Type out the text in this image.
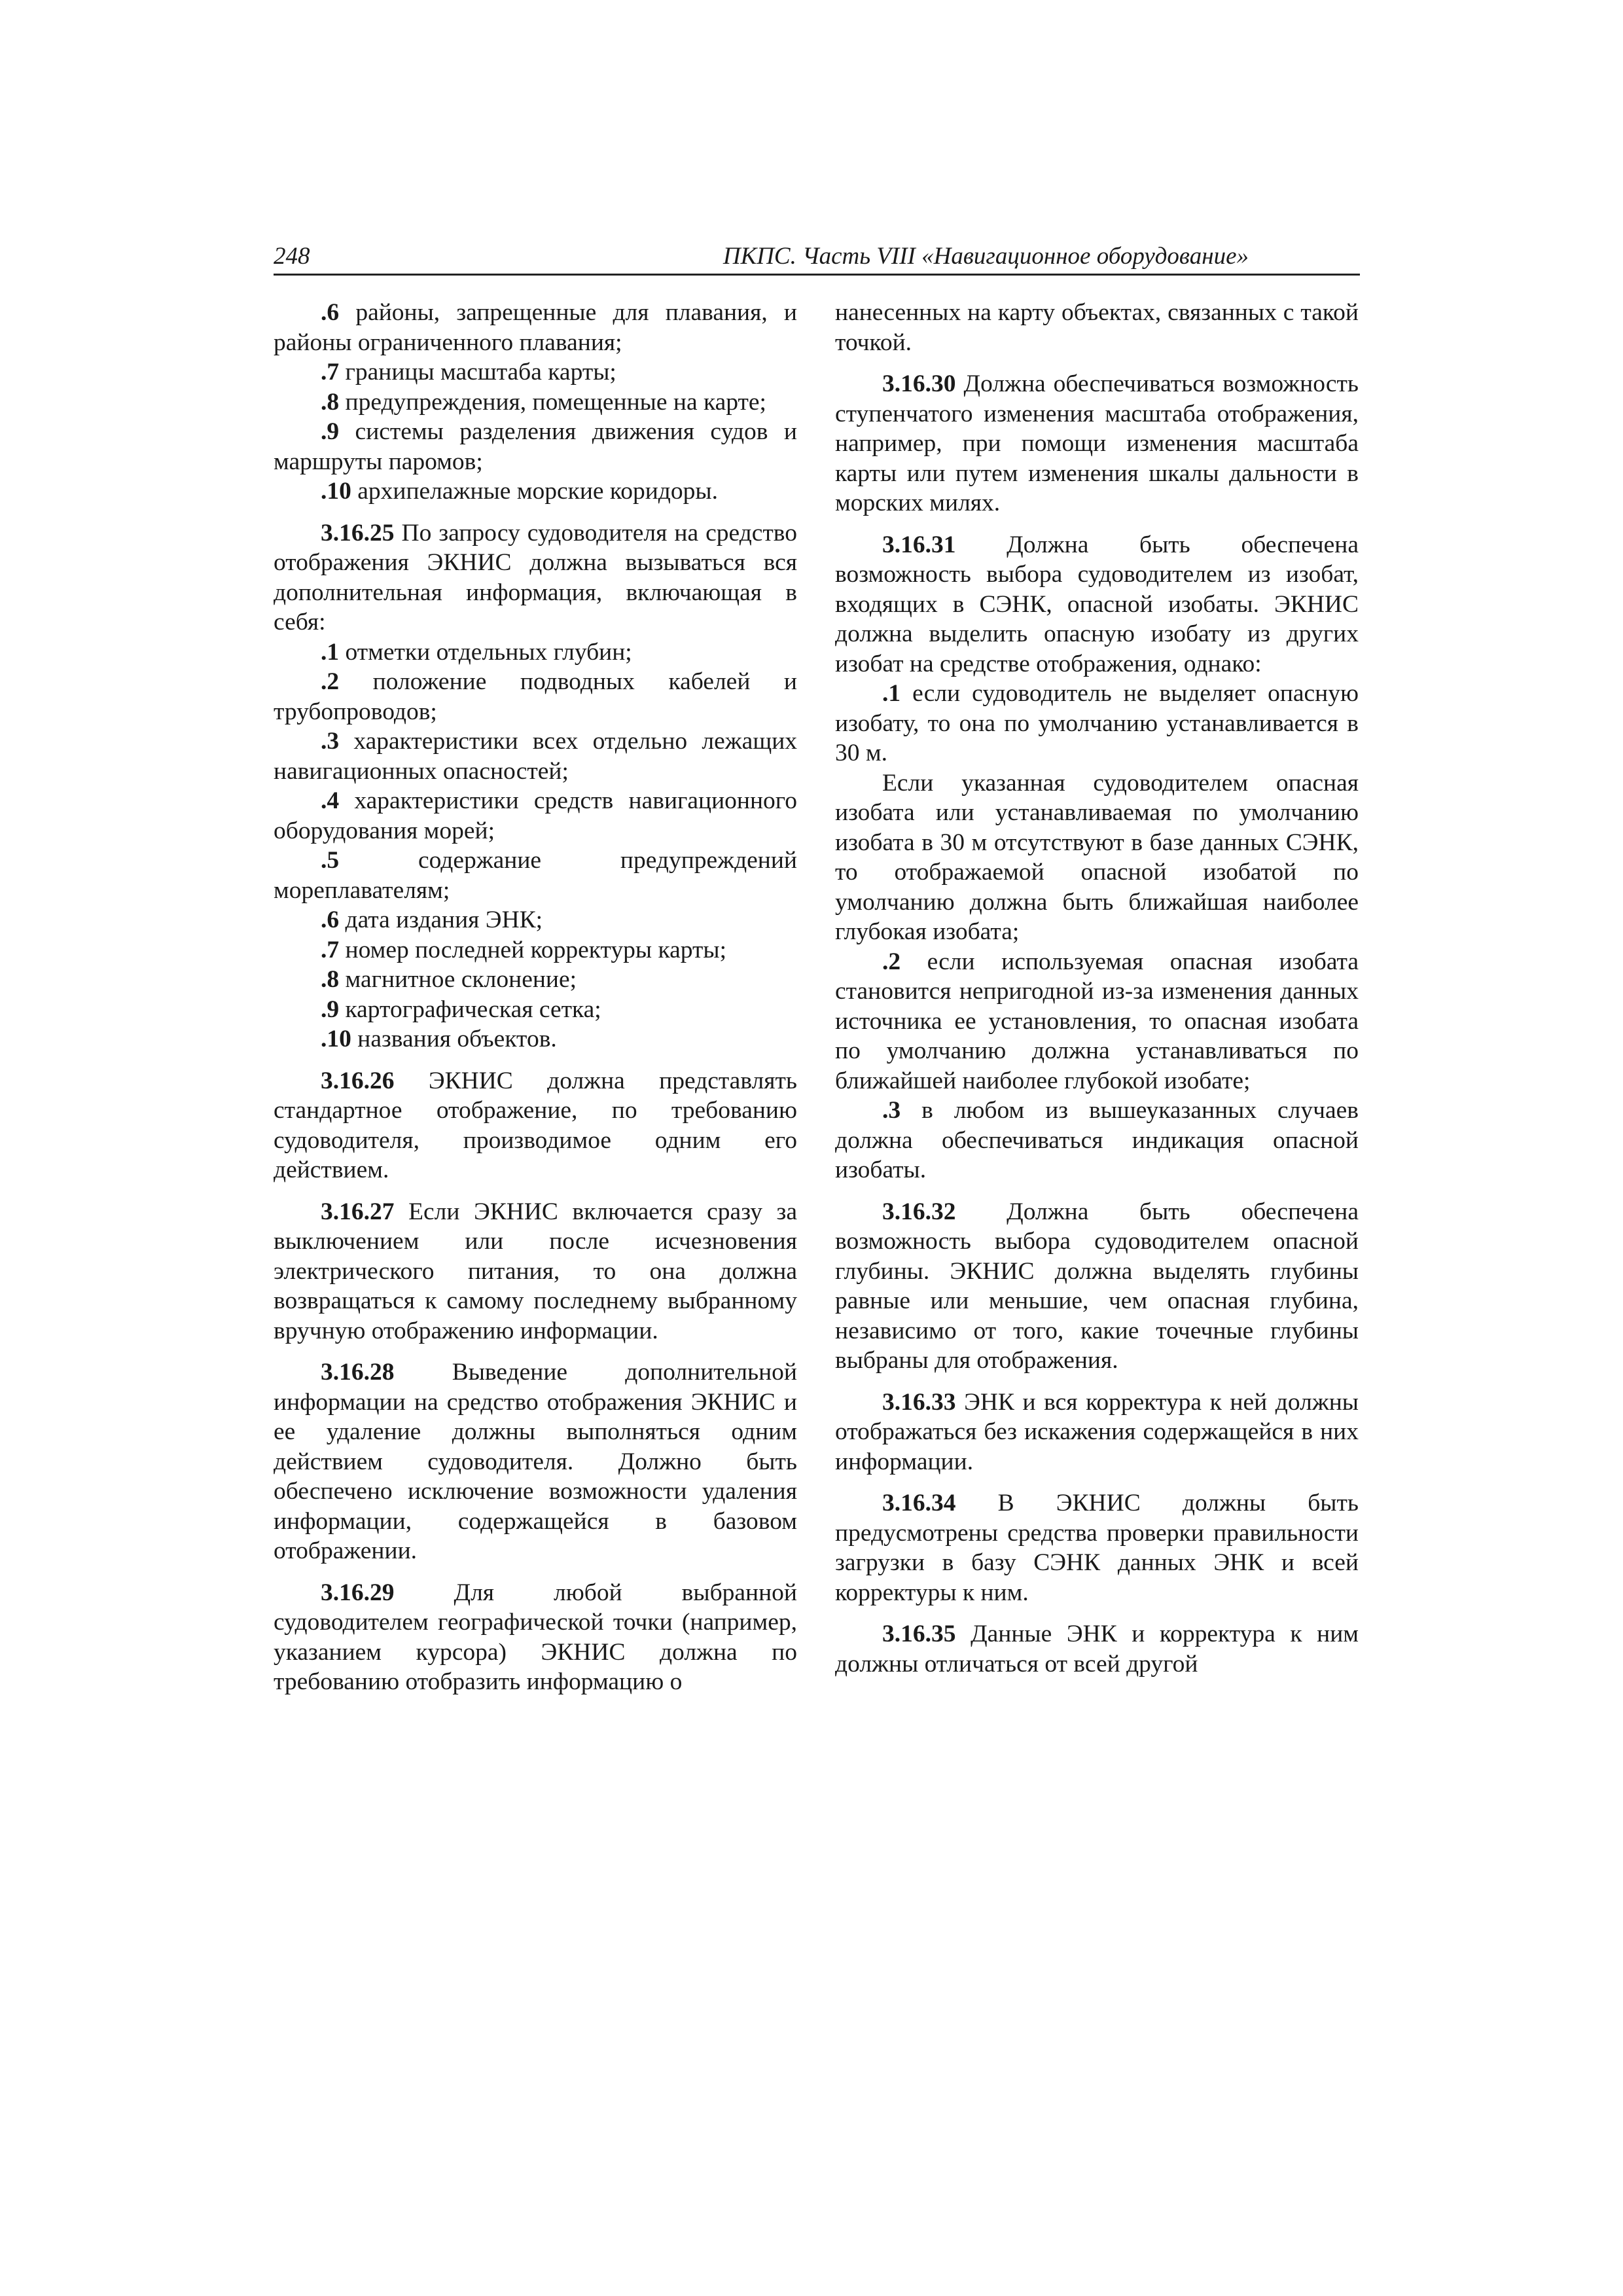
248	ПКПС. Часть VIII «Навигационное оборудование»

.6 районы, запрещенные для плавания, и районы ограниченного плавания;

.7 границы масштаба карты;

.8 предупреждения, помещенные на карте;

.9 системы разделения движения судов и маршруты паромов;

.10 архипелажные морские коридоры.

3.16.25 По запросу судоводителя на средство отображения ЭКНИС должна вызываться вся дополнительная информация, включающая в себя:

.1 отметки отдельных глубин;

.2 положение подводных кабелей и трубопроводов;

.3 характеристики всех отдельно лежащих навигационных опасностей;

.4 характеристики средств навигационного оборудования морей;

.5	содержание предупреждений мореплавателям;

.6 дата издания ЭНК;

.7 номер последней корректуры карты;

.8 магнитное склонение;

.9 картографическая сетка;

.10 названия объектов.

3.16.26 ЭКНИС должна представлять стандартное отображение, по требованию судоводителя, производимое одним его действием.

3.16.27 Если ЭКНИС включается сразу за выключением или после исчезновения электрического питания, то она должна возвращаться к самому последнему выбранному вручную отображению информации.

3.16.28 Выведение дополнительной информации на средство отображения ЭКНИС и ее удаление должны выполняться одним действием судоводителя. Должно быть обеспечено исключение возможности удаления информации, содержащейся в базовом отображении.

3.16.29 Для любой выбранной судоводителем географической точки (например, указанием курсора) ЭКНИС должна по требованию отобразить информацию о

нанесенных на карту объектах, связанных с такой точкой.

3.16.30 Должна обеспечиваться возможность ступенчатого изменения масштаба отображения, например, при помощи изменения масштаба карты или путем изменения шкалы дальности в морских милях.

3.16.31 Должна быть обеспечена возможность выбора судоводителем из изобат, входящих в СЭНК, опасной изобаты. ЭКНИС должна выделить опасную изобату из других изобат на средстве отображения, однако:

.1 если судоводитель не выделяет опасную изобату, то она по умолчанию устанавливается в 30 м.

Если указанная судоводителем опасная изобата или устанавливаемая по умолчанию изобата в 30 м отсутствуют в базе данных СЭНК, то отображаемой опасной изобатой по умолчанию должна быть ближайшая наиболее глубокая изобата;

.2 если используемая опасная изобата становится непригодной из-за изменения данных источника ее установления, то опасная изобата по умолчанию должна устанавливаться по ближайшей наиболее глубокой изобате;

.3 в любом из вышеуказанных случаев должна обеспечиваться индикация опасной изобаты.

3.16.32 Должна быть обеспечена возможность выбора судоводителем опасной глубины. ЭКНИС должна выделять глубины равные или меньшие, чем опасная глубина, независимо от того, какие точечные глубины выбраны для отображения.

3.16.33 ЭНК и вся корректура к ней должны отображаться без искажения содержащейся в них информации.

3.16.34 В ЭКНИС должны быть предусмотрены средства проверки правильности загрузки в базу СЭНК данных ЭНК и всей корректуры к ним.

3.16.35 Данные ЭНК и корректура к ним должны отличаться от всей другой
